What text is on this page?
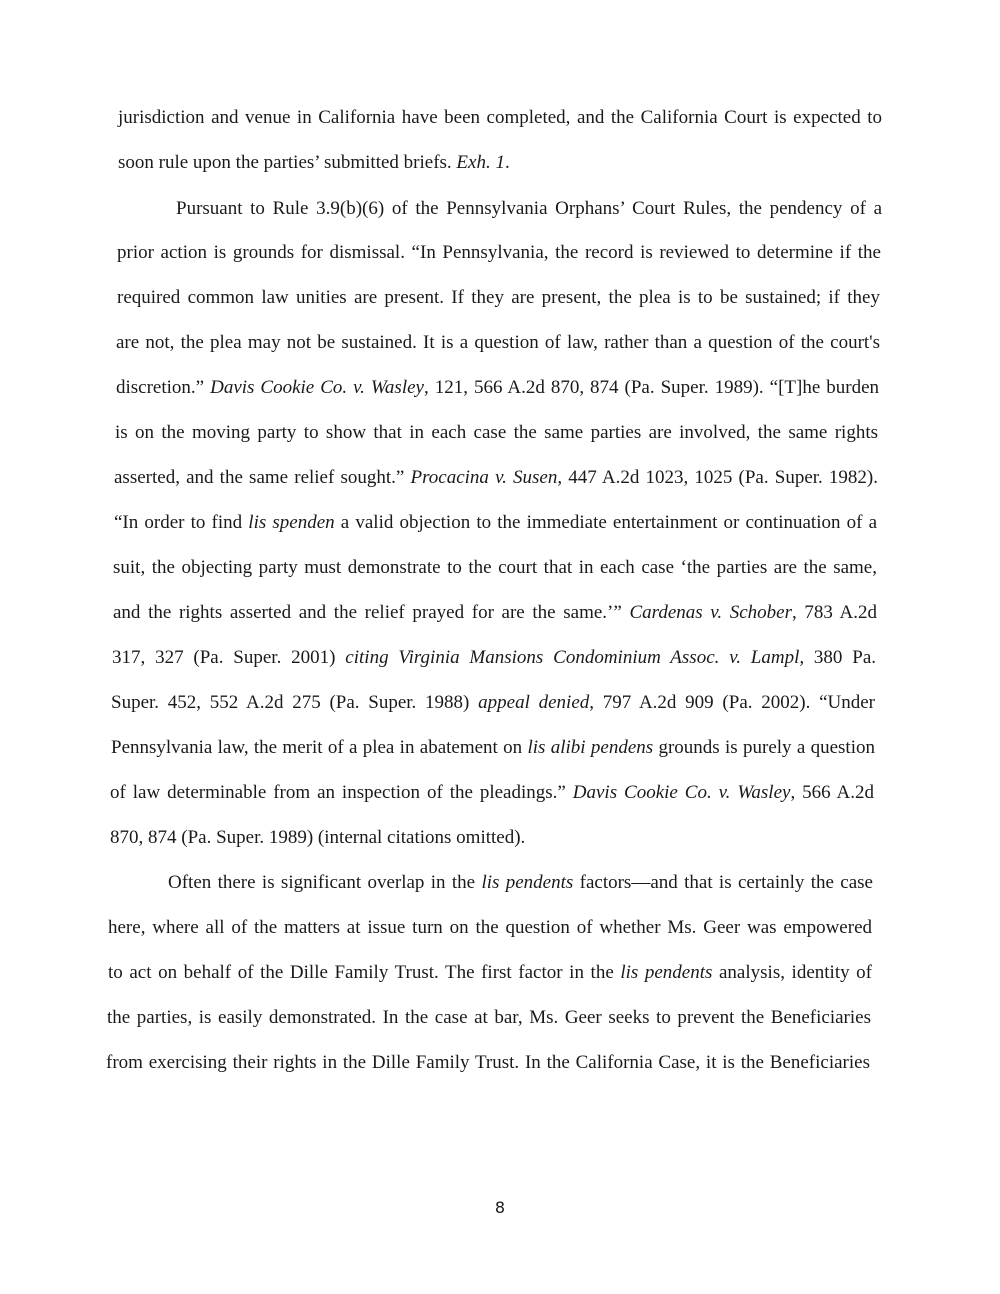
jurisdiction and venue in California have been completed, and the California Court is expected to
soon rule upon the parties’ submitted briefs. Exh. 1.
Pursuant to Rule 3.9(b)(6) of the Pennsylvania Orphans’ Court Rules, the pendency of a
prior action is grounds for dismissal. “In Pennsylvania, the record is reviewed to determine if the
required common law unities are present. If they are present, the plea is to be sustained; if they
are not, the plea may not be sustained. It is a question of law, rather than a question of the court's
discretion.” Davis Cookie Co. v. Wasley, 121, 566 A.2d 870, 874 (Pa. Super. 1989). “[T]he burden
is on the moving party to show that in each case the same parties are involved, the same rights
asserted, and the same relief sought.” Procacina v. Susen, 447 A.2d 1023, 1025 (Pa. Super. 1982).
“In order to find lis spenden a valid objection to the immediate entertainment or continuation of a
suit, the objecting party must demonstrate to the court that in each case ‘the parties are the same,
and the rights asserted and the relief prayed for are the same.’” Cardenas v. Schober, 783 A.2d
317, 327 (Pa. Super. 2001) citing Virginia Mansions Condominium Assoc. v. Lampl, 380 Pa.
Super. 452, 552 A.2d 275 (Pa. Super. 1988) appeal denied, 797 A.2d 909 (Pa. 2002). “Under
Pennsylvania law, the merit of a plea in abatement on lis alibi pendens grounds is purely a question
of law determinable from an inspection of the pleadings.” Davis Cookie Co. v. Wasley, 566 A.2d
870, 874 (Pa. Super. 1989) (internal citations omitted).
Often there is significant overlap in the lis pendents factors—and that is certainly the case
here, where all of the matters at issue turn on the question of whether Ms. Geer was empowered
to act on behalf of the Dille Family Trust. The first factor in the lis pendents analysis, identity of
the parties, is easily demonstrated. In the case at bar, Ms. Geer seeks to prevent the Beneficiaries
from exercising their rights in the Dille Family Trust. In the California Case, it is the Beneficiaries
8
